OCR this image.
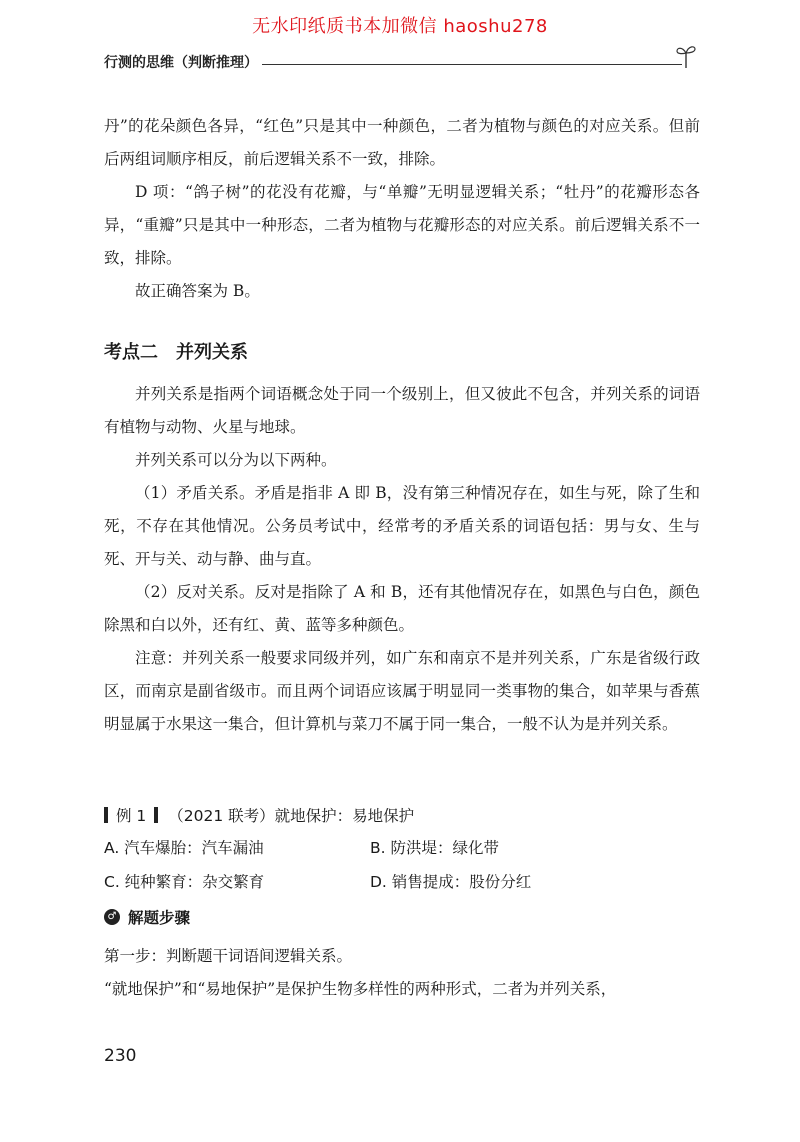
无水印纸质书本加微信 haoshu278
行测的思维（判断推理）

丹”的花朵颜色各异，“红色”只是其中一种颜色，二者为植物与颜色的对应关系。但前后两组词顺序相反，前后逻辑关系不一致，排除。

D 项：“鸽子树”的花没有花瓣，与“单瓣”无明显逻辑关系；“牡丹”的花瓣形态各异，“重瓣”只是其中一种形态，二者为植物与花瓣形态的对应关系。前后逻辑关系不一致，排除。

故正确答案为 B。

考点二　并列关系

并列关系是指两个词语概念处于同一个级别上，但又彼此不包含，并列关系的词语有植物与动物、火星与地球。

并列关系可以分为以下两种。

（1）矛盾关系。矛盾是指非 A 即 B，没有第三种情况存在，如生与死，除了生和死，不存在其他情况。公务员考试中，经常考的矛盾关系的词语包括：男与女、生与死、开与关、动与静、曲与直。

（2）反对关系。反对是指除了 A 和 B，还有其他情况存在，如黑色与白色，颜色除黑和白以外，还有红、黄、蓝等多种颜色。

注意：并列关系一般要求同级并列，如广东和南京不是并列关系，广东是省级行政区，而南京是副省级市。而且两个词语应该属于明显同一类事物的集合，如苹果与香蕉明显属于水果这一集合，但计算机与菜刀不属于同一集合，一般不认为是并列关系。

例 1 （2021 联考） 就地保护：易地保护
A. 汽车爆胎：汽车漏油	B. 防洪堤：绿化带
C. 纯种繁育：杂交繁育	D. 销售提成：股份分红
♂ 解题步骤

第一步：判断题干词语间逻辑关系。

“就地保护”和“易地保护”是保护生物多样性的两种形式，二者为并列关系，

230
